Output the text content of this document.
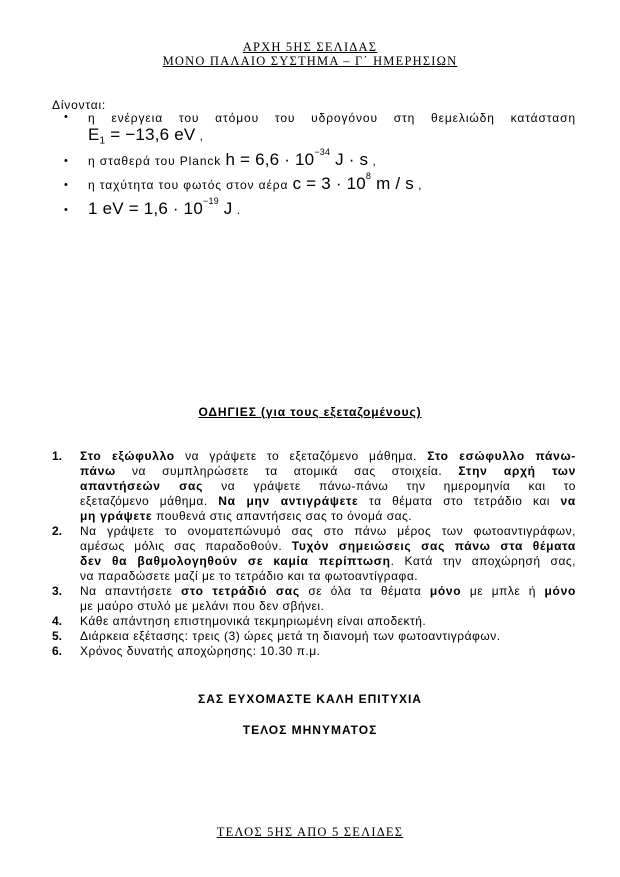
ΑΡΧΗ 5ΗΣ ΣΕΛΙΔΑΣ
ΜΟΝΟ ΠΑΛΑΙΟ ΣΥΣΤΗΜΑ – Γ΄ ΗΜΕΡΗΣΙΩΝ
Δίνονται:
• η ενέργεια του ατόμου του υδρογόνου στη θεμελιώδη κατάσταση
$E_1 = -13,6$ eV ,
• η σταθερά του Planck $h = 6,6 \cdot 10^{-34}$ J · s ,
• η ταχύτητα του φωτός στον αέρα $c = 3 \cdot 10^8$ m / s ,
• 1 eV = $1,6 \cdot 10^{-19}$ J .
ΟΔΗΓΙΕΣ (για τους εξεταζομένους)
1. Στο εξώφυλλο να γράψετε το εξεταζόμενο μάθημα. Στο εσώφυλλο πάνω-
πάνω να συμπληρώσετε τα ατομικά σας στοιχεία. Στην αρχή των
απαντήσεών σας να γράψετε πάνω-πάνω την ημερομηνία και το
εξεταζόμενο μάθημα. Να μην αντιγράψετε τα θέματα στο τετράδιο και να
μη γράψετε πουθενά στις απαντήσεις σας το όνομά σας.
2. Να γράψετε το ονοματεπώνυμό σας στο πάνω μέρος των φωτοαντιγράφων,
αμέσως μόλις σας παραδοθούν. Τυχόν σημειώσεις σας πάνω στα θέματα
δεν θα βαθμολογηθούν σε καμία περίπτωση. Κατά την αποχώρησή σας,
να παραδώσετε μαζί με το τετράδιο και τα φωτοαντίγραφα.
3. Να απαντήσετε στο τετράδιό σας σε όλα τα θέματα μόνο με μπλε ή μόνο
με μαύρο στυλό με μελάνι που δεν σβήνει.
4. Κάθε απάντηση επιστημονικά τεκμηριωμένη είναι αποδεκτή.
5. Διάρκεια εξέτασης: τρεις (3) ώρες μετά τη διανομή των φωτοαντιγράφων.
6. Χρόνος δυνατής αποχώρησης: 10.30 π.μ.
ΣΑΣ ΕΥΧΟΜΑΣΤΕ ΚΑΛΗ ΕΠΙΤΥΧΙΑ
ΤΕΛΟΣ ΜΗΝΥΜΑΤΟΣ
ΤΕΛΟΣ 5ΗΣ ΑΠΟ 5 ΣΕΛΙΔΕΣ
